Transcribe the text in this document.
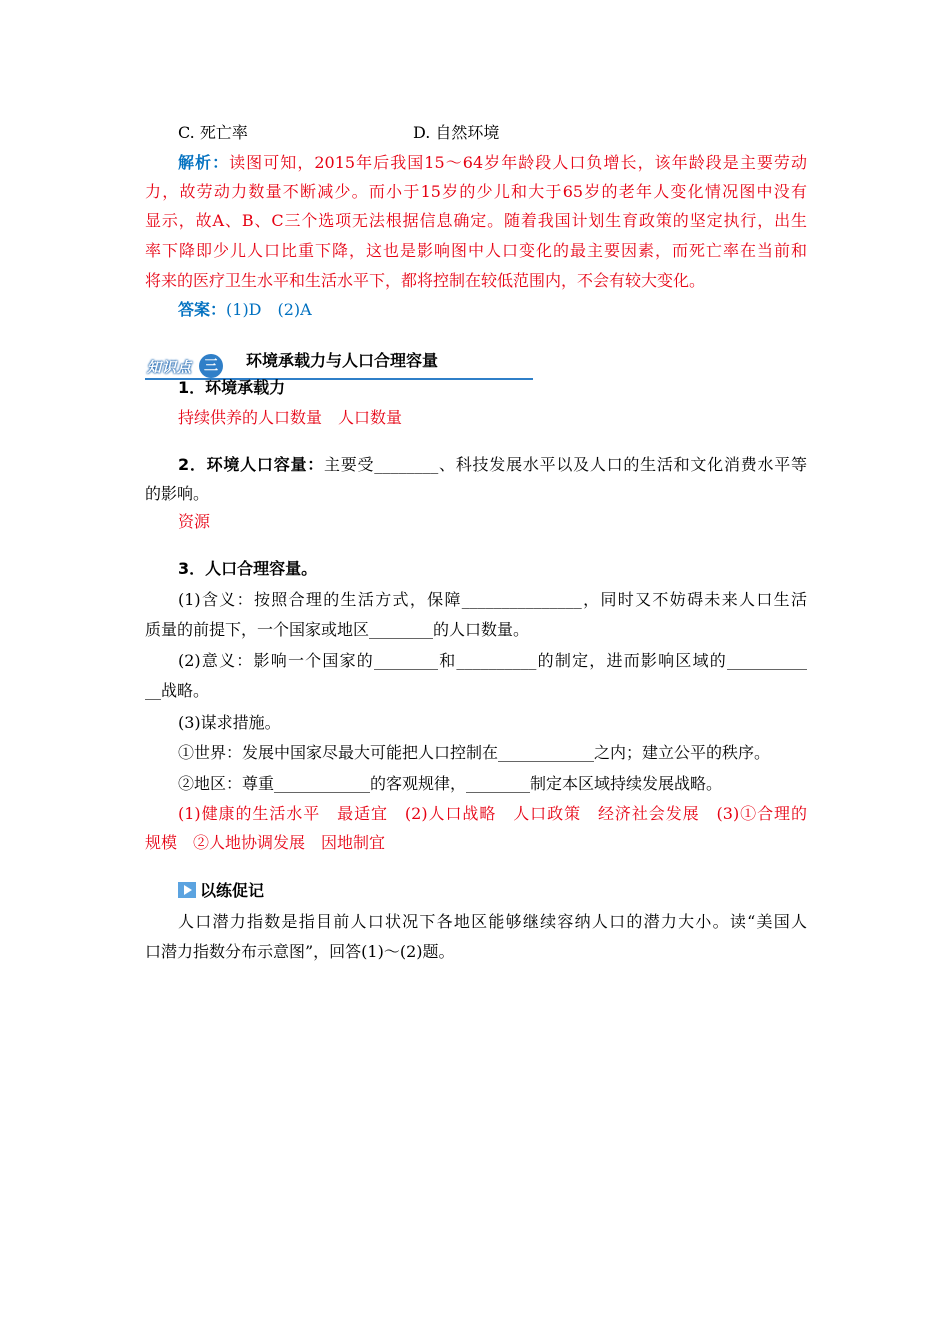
C. 死亡率	D. 自然环境
解析：读图可知，2015年后我国15～64岁年龄段人口负增长，该年龄段是主要劳动
力，故劳动力数量不断减少。而小于15岁的少儿和大于65岁的老年人变化情况图中没有
显示，故A、B、C三个选项无法根据信息确定。随着我国计划生育政策的坚定执行，出生
率下降即少儿人口比重下降，这也是影响图中人口变化的最主要因素，而死亡率在当前和
将来的医疗卫生水平和生活水平下，都将控制在较低范围内，不会有较大变化。
答案：(1)D　(2)A
知识点 三	环境承载力与人口合理容量
1．环境承载力
持续供养的人口数量　人口数量
2．环境人口容量：主要受________、科技发展水平以及人口的生活和文化消费水平等
的影响。
资源
3．人口合理容量。
(1)含义：按照合理的生活方式，保障_______________，同时又不妨碍未来人口生活
质量的前提下，一个国家或地区________的人口数量。
(2)意义：影响一个国家的________和__________的制定，进而影响区域的__________
__战略。
(3)谋求措施。
①世界：发展中国家尽最大可能把人口控制在____________之内；建立公平的秩序。
②地区：尊重____________的客观规律，________制定本区域持续发展战略。
(1)健康的生活水平　最适宜　(2)人口战略　人口政策　经济社会发展　(3)①合理的
规模　②人地协调发展　因地制宜
以练促记
人口潜力指数是指目前人口状况下各地区能够继续容纳人口的潜力大小。读“美国人
口潜力指数分布示意图”，回答(1)～(2)题。
